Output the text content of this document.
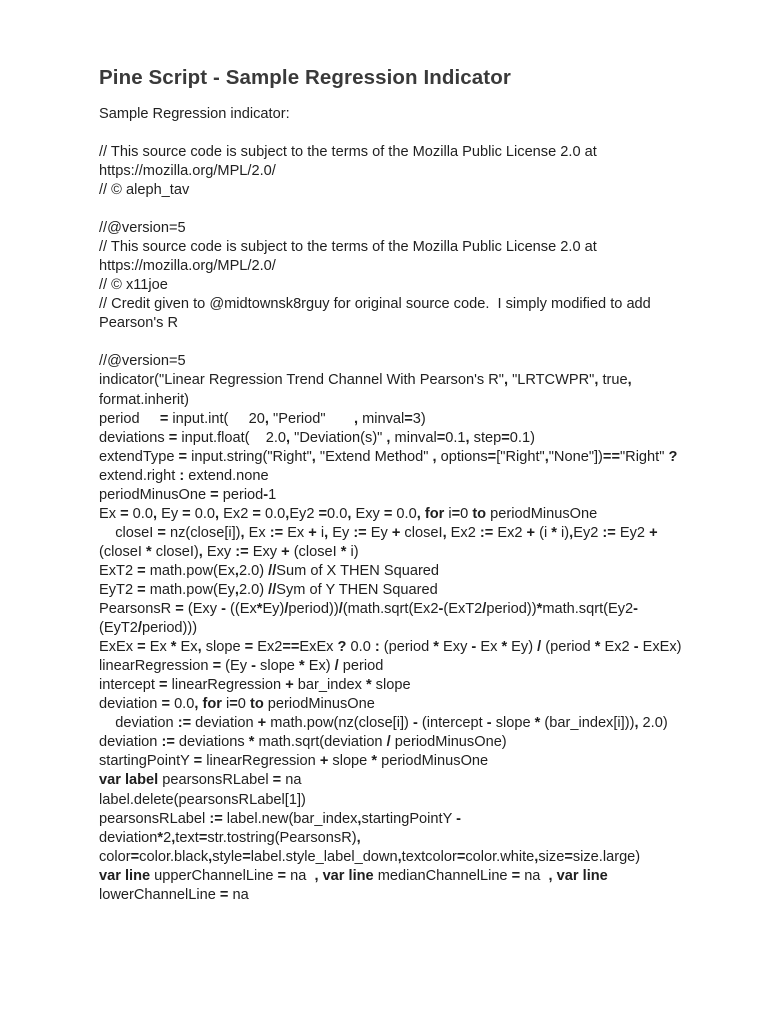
Pine Script - Sample Regression Indicator

Sample Regression indicator:

// This source code is subject to the terms of the Mozilla Public License 2.0 at https://mozilla.org/MPL/2.0/
// © aleph_tav
//@version=5
// This source code is subject to the terms of the Mozilla Public License 2.0 at https://mozilla.org/MPL/2.0/
// © x11joe
// Credit given to @midtownsk8rguy for original source code.  I simply modified to add Pearson's R
//@version=5
indicator("Linear Regression Trend Channel With Pearson's R", "LRTCWPR", true, format.inherit)
period     = input.int(     20, "Period"       , minval=3)
deviations = input.float(    2.0, "Deviation(s)" , minval=0.1, step=0.1)
extendType = input.string("Right", "Extend Method" , options=["Right","None"])=="Right" ? extend.right : extend.none
periodMinusOne = period-1
Ex = 0.0, Ey = 0.0, Ex2 = 0.0,Ey2 =0.0, Exy = 0.0, for i=0 to periodMinusOne
closeI = nz(close[i]), Ex := Ex + i, Ey := Ey + closeI, Ex2 := Ex2 + (i * i),Ey2 := Ey2 + (closeI * closeI), Exy := Exy + (closeI * i)
ExT2 = math.pow(Ex,2.0) //Sum of X THEN Squared
EyT2 = math.pow(Ey,2.0) //Sym of Y THEN Squared
PearsonsR = (Exy - ((Ex*Ey)/period))/(math.sqrt(Ex2-(ExT2/period))*math.sqrt(Ey2-(EyT2/period)))
ExEx = Ex * Ex, slope = Ex2==ExEx ? 0.0 : (period * Exy - Ex * Ey) / (period * Ex2 - ExEx)
linearRegression = (Ey - slope * Ex) / period
intercept = linearRegression + bar_index * slope
deviation = 0.0, for i=0 to periodMinusOne
deviation := deviation + math.pow(nz(close[i]) - (intercept - slope * (bar_index[i])), 2.0)
deviation := deviations * math.sqrt(deviation / periodMinusOne)
startingPointY = linearRegression + slope * periodMinusOne
var label pearsonsRLabel = na
label.delete(pearsonsRLabel[1])
pearsonsRLabel := label.new(bar_index,startingPointY - deviation*2,text=str.tostring(PearsonsR), color=color.black,style=label.style_label_down,textcolor=color.white,size=size.large)
var line upperChannelLine = na  , var line medianChannelLine = na  , var line lowerChannelLine = na
